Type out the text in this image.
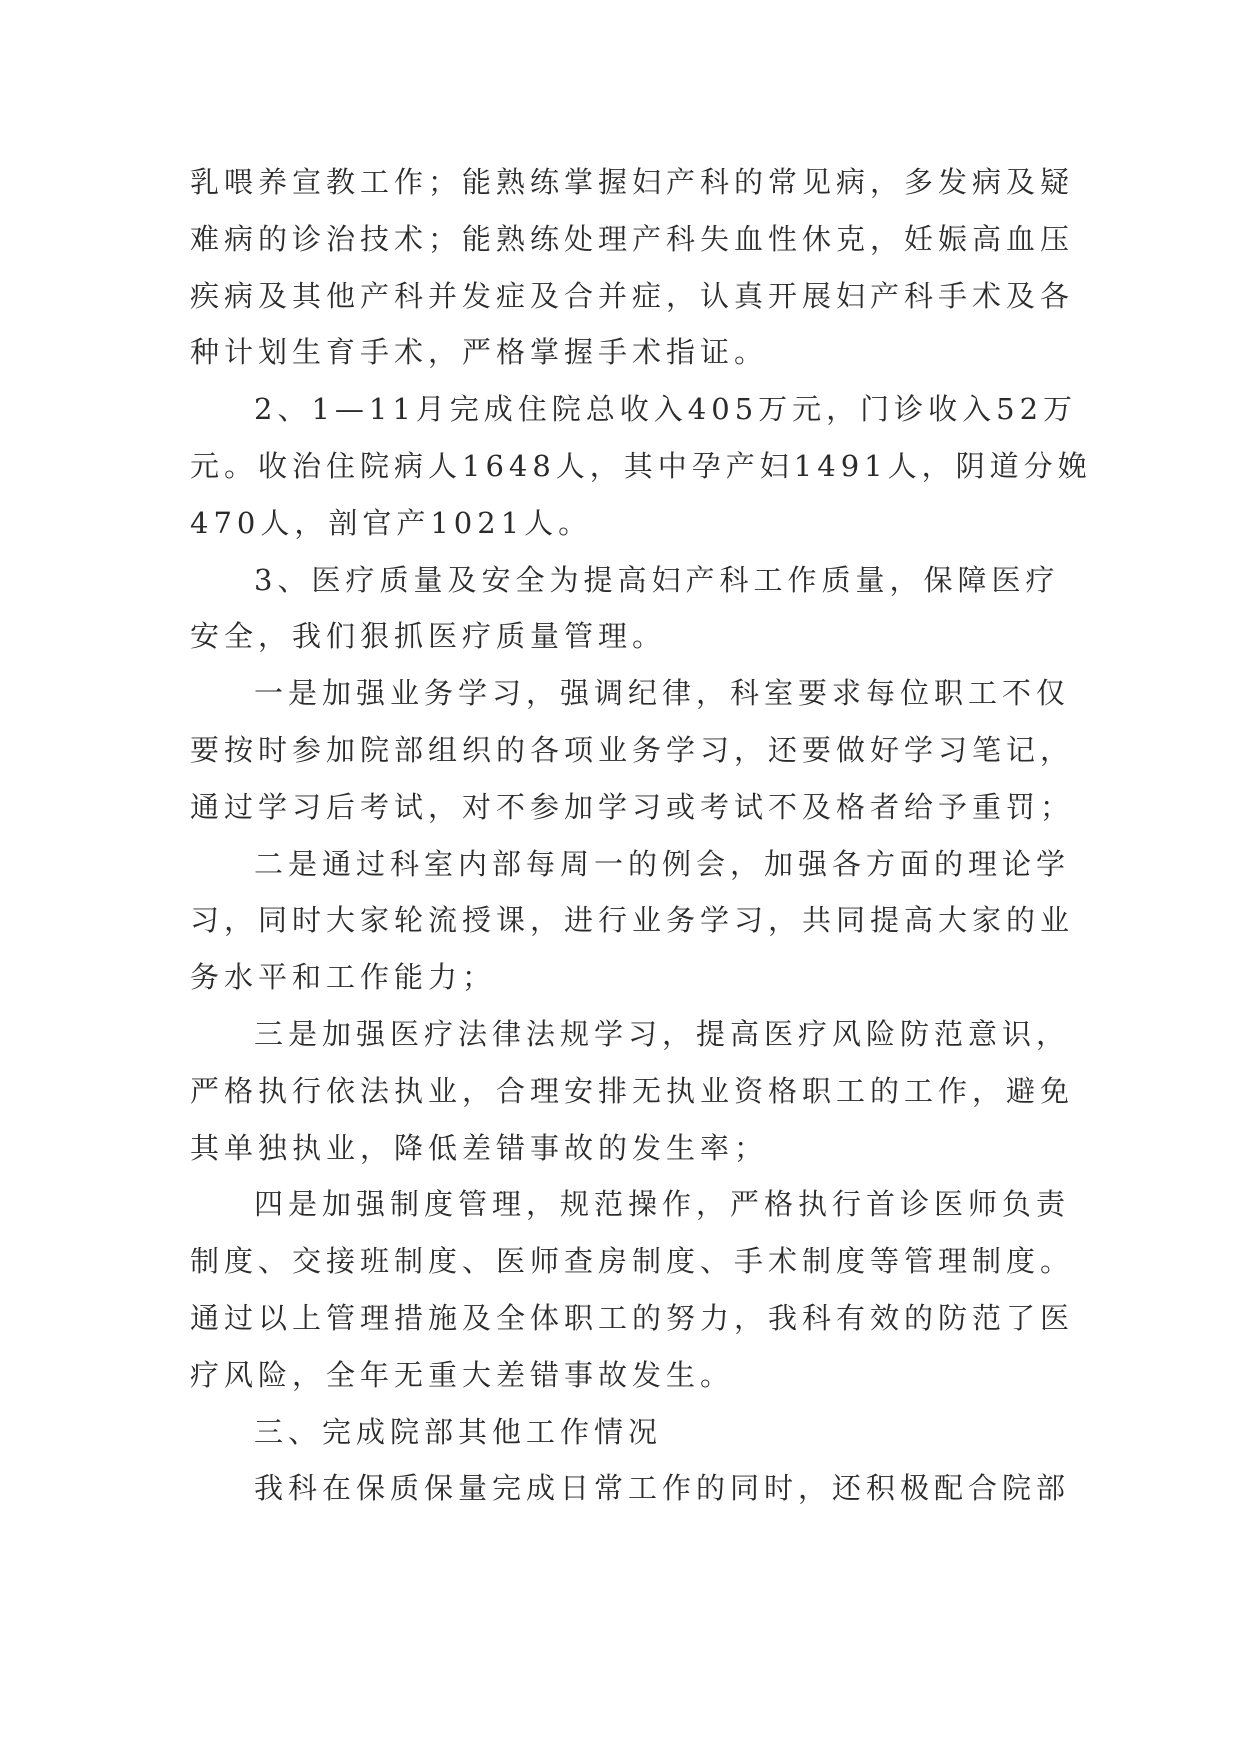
乳喂养宣教工作；能熟练掌握妇产科的常见病，多发病及疑
难病的诊治技术；能熟练处理产科失血性休克，妊娠高血压
疾病及其他产科并发症及合并症，认真开展妇产科手术及各
种计划生育手术，严格掌握手术指证。
2、1—11月完成住院总收入405万元，门诊收入52万
元。收治住院病人1648人，其中孕产妇1491人，阴道分娩
470人，剖官产1021人。
3、医疗质量及安全为提高妇产科工作质量，保障医疗
安全，我们狠抓医疗质量管理。
一是加强业务学习，强调纪律，科室要求每位职工不仅
要按时参加院部组织的各项业务学习，还要做好学习笔记，
通过学习后考试，对不参加学习或考试不及格者给予重罚；
二是通过科室内部每周一的例会，加强各方面的理论学
习，同时大家轮流授课，进行业务学习，共同提高大家的业
务水平和工作能力；
三是加强医疗法律法规学习，提高医疗风险防范意识，
严格执行依法执业，合理安排无执业资格职工的工作，避免
其单独执业，降低差错事故的发生率；
四是加强制度管理，规范操作，严格执行首诊医师负责
制度、交接班制度、医师查房制度、手术制度等管理制度。
通过以上管理措施及全体职工的努力，我科有效的防范了医
疗风险，全年无重大差错事故发生。
三、完成院部其他工作情况
我科在保质保量完成日常工作的同时，还积极配合院部
